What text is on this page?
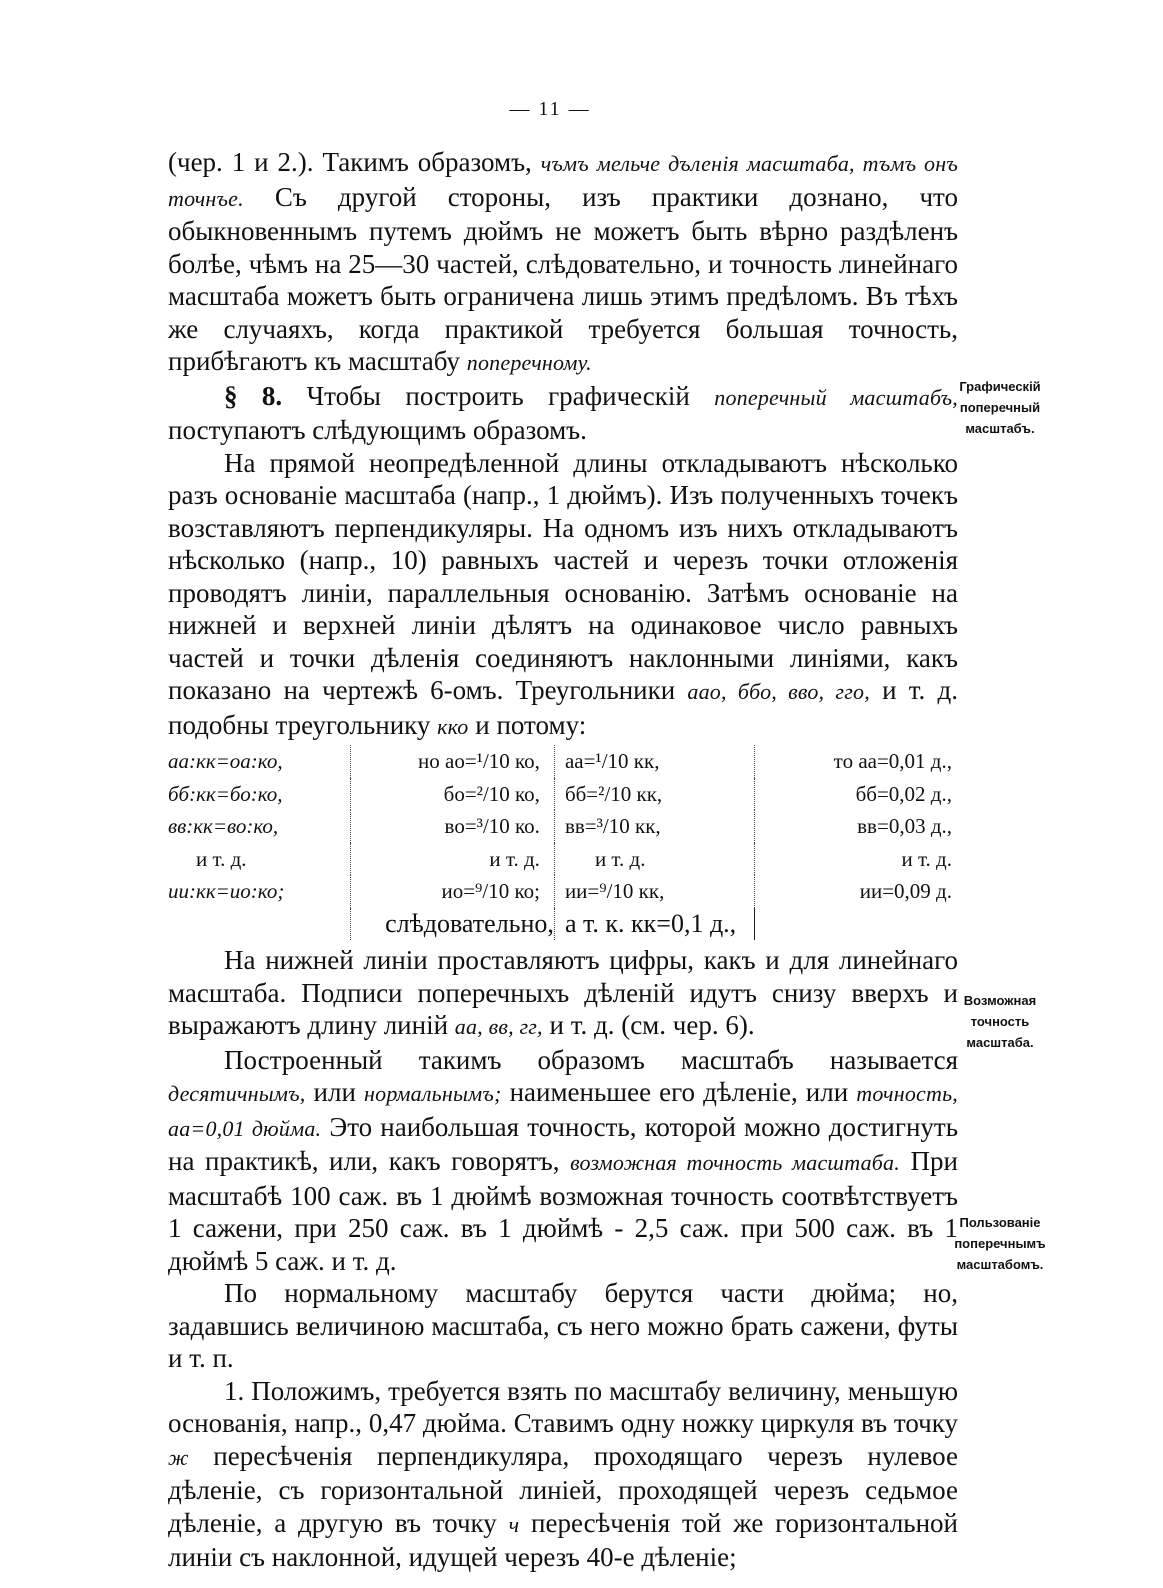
— 11 —

(чер. 1 и 2.). Такимъ образомъ, чъмъ мельче дъленія масштаба, тъмъ онъ точнъе. Съ другой стороны, изъ практики дознано, что обыкновеннымъ путемъ дюймъ не можетъ быть вѣрно раздѣленъ болѣе, чѣмъ на 25—30 частей, слѣдовательно, и точность линейнаго масштаба можетъ быть ограничена лишь этимъ предѣломъ. Въ тѣхъ же случаяхъ, когда практикой требуется большая точность, прибѣгаютъ къ масштабу поперечному.

§ 8. Чтобы построить графическій поперечный масштабъ, поступаютъ слѣдующимъ образомъ.

На прямой неопредѣленной длины откладываютъ нѣсколько разъ основаніе масштаба (напр., 1 дюймъ). Изъ полученныхъ точекъ возставляютъ перпендикуляры. На одномъ изъ нихъ откладываютъ нѣсколько (напр., 10) равныхъ частей и черезъ точки отложенія проводятъ линіи, параллельныя основанію. Затѣмъ основаніе на нижней и верхней линіи дѣлятъ на одинаковое число равныхъ частей и точки дѣленія соединяютъ наклонными линіями, какъ показано на чертежѣ 6-омъ. Треугольники аао, ббо, вво, гго, и т. д. подобны треугольнику кко и потому:

аа:кк=оа:ко,	но ао=¹/10 ко,	аа=¹/10 кк,	то аа=0,01 д.,
бб:кк=бо:ко,	бо=²/10 ко,	бб=²/10 кк,	бб=0,02 д.,
вв:кк=во:ко,	во=³/10 ко.	вв=³/10 кк,	вв=0,03 д.,
и т. д.	и т. д.	и т. д.	и т. д.
ии:кк=ио:ко;	ио=⁹/10 ко;	ии=⁹/10 кк,	ии=0,09 д.
	слѣдовательно,	а т. к. кк=0,1 д.,	

На нижней линіи проставляютъ цифры, какъ и для линейнаго масштаба. Подписи поперечныхъ дѣленій идутъ снизу вверхъ и выражаютъ длину линій аа, вв, гг, и т. д. (см. чер. 6).

Построенный такимъ образомъ масштабъ называется десятичнымъ, или нормальнымъ; наименьшее его дѣленіе, или точность, аа=0,01 дюйма. Это наибольшая точность, которой можно достигнуть на практикѣ, или, какъ говорятъ, возможная точность масштаба. При масштабѣ 100 саж. въ 1 дюймѣ возможная точность соотвѣтствуетъ 1 сажени, при 250 саж. въ 1 дюймѣ - 2,5 саж. при 500 саж. въ 1 дюймѣ 5 саж. и т. д.

По нормальному масштабу берутся части дюйма; но, задавшись величиною масштаба, съ него можно брать сажени, футы и т. п.

1. Положимъ, требуется взять по масштабу величину, меньшую основанія, напр., 0,47 дюйма. Ставимъ одну ножку циркуля въ точку ж пересѣченія перпендикуляра, проходящаго черезъ нулевое дѣленіе, съ горизонтальной линіей, проходящей черезъ седьмое дѣленіе, а другую въ точку ч пересѣченія той же горизонтальной линіи съ наклонной, идущей черезъ 40-е дѣленіе;

Графическій
поперечный
масштабъ.
Возможная
точность
масштаба.
Пользованіе
поперечнымъ
масштабомъ.
